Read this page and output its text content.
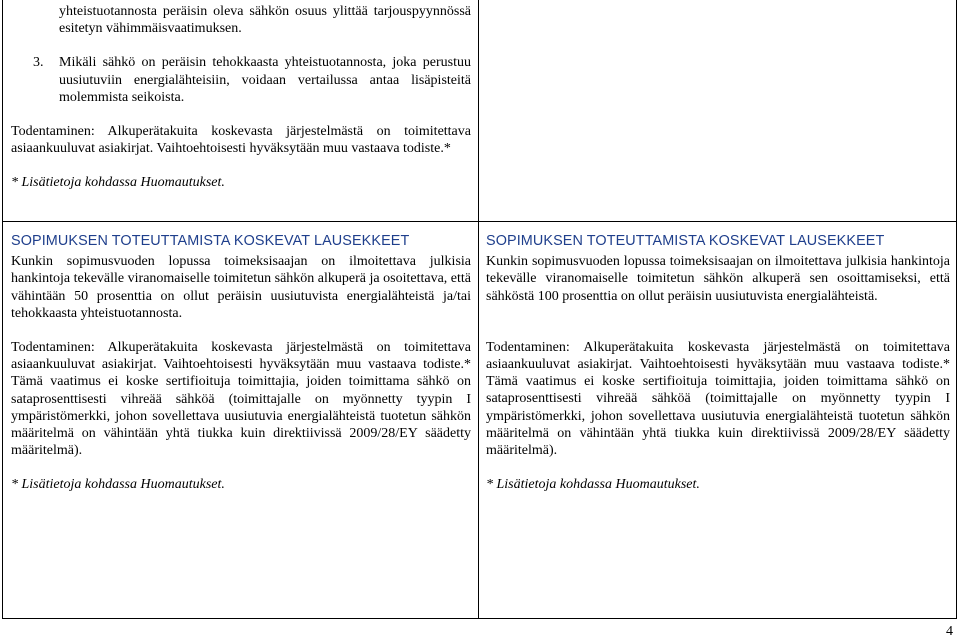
yhteistuotannosta peräisin oleva sähkön osuus ylittää tarjouspyynnössä esitetyn vähimmäisvaatimuksen.
3. Mikäli sähkö on peräisin tehokkaasta yhteistuotannosta, joka perustuu uusiutuviin energialähteisiin, voidaan vertailussa antaa lisäpisteitä molemmista seikoista.
Todentaminen: Alkuperätakuita koskevasta järjestelmästä on toimitettava asiaankuuluvat asiakirjat. Vaihtoehtoisesti hyväksytään muu vastaava todiste.*
* Lisätietoja kohdassa Huomautukset.
SOPIMUKSEN TOTEUTTAMISTA KOSKEVAT LAUSEKKEET
Kunkin sopimusvuoden lopussa toimeksisaajan on ilmoitettava julkisia hankintoja tekevälle viranomaiselle toimitetun sähkön alkuperä ja osoitettava, että vähintään 50 prosenttia on ollut peräisin uusiutuvista energialähteistä ja/tai tehokkaasta yhteistuotannosta.
Todentaminen: Alkuperätakuita koskevasta järjestelmästä on toimitettava asiaankuuluvat asiakirjat. Vaihtoehtoisesti hyväksytään muu vastaava todiste.* Tämä vaatimus ei koske sertifioituja toimittajia, joiden toimittama sähkö on sataprosenttisesti vihreää sähköä (toimittajalle on myönnetty tyypin I ympäristömerkki, johon sovellettava uusiutuvia energialähteistä tuotetun sähkön määritelmä on vähintään yhtä tiukka kuin direktiivissä 2009/28/EY säädetty määritelmä).
* Lisätietoja kohdassa Huomautukset.
SOPIMUKSEN TOTEUTTAMISTA KOSKEVAT LAUSEKKEET
Kunkin sopimusvuoden lopussa toimeksisaajan on ilmoitettava julkisia hankintoja tekevälle viranomaiselle toimitetun sähkön alkuperä sen osoittamiseksi, että sähköstä 100 prosenttia on ollut peräisin uusiutuvista energialähteistä.
Todentaminen: Alkuperätakuita koskevasta järjestelmästä on toimitettava asiaankuuluvat asiakirjat. Vaihtoehtoisesti hyväksytään muu vastaava todiste.* Tämä vaatimus ei koske sertifioituja toimittajia, joiden toimittama sähkö on sataprosenttisesti vihreää sähköä (toimittajalle on myönnetty tyypin I ympäristömerkki, johon sovellettava uusiutuvia energialähteistä tuotetun sähkön määritelmä on vähintään yhtä tiukka kuin direktiivissä 2009/28/EY säädetty määritelmä).
* Lisätietoja kohdassa Huomautukset.
4
